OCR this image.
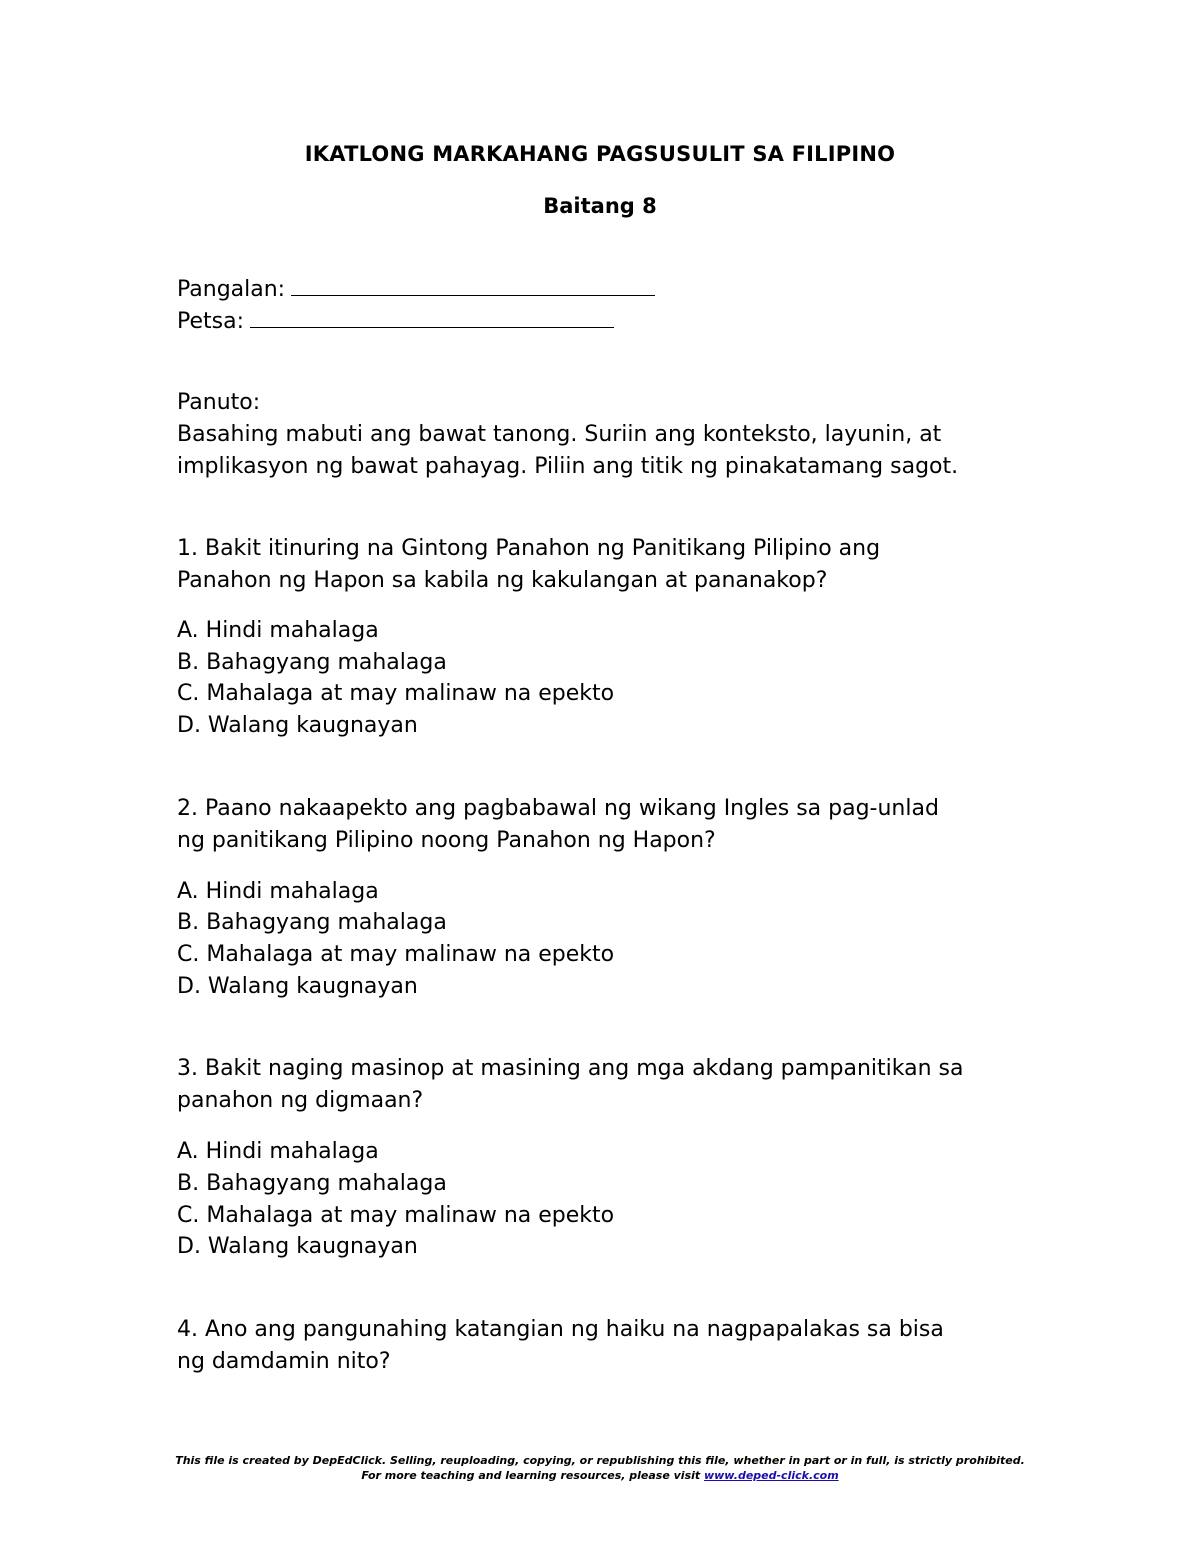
IKATLONG MARKAHANG PAGSUSULIT SA FILIPINO
Baitang 8
Pangalan:
Petsa:
Panuto:
Basahing mabuti ang bawat tanong. Suriin ang konteksto, layunin, at
implikasyon ng bawat pahayag. Piliin ang titik ng pinakatamang sagot.
1. Bakit itinuring na Gintong Panahon ng Panitikang Pilipino ang
Panahon ng Hapon sa kabila ng kakulangan at pananakop?
A. Hindi mahalaga
B. Bahagyang mahalaga
C. Mahalaga at may malinaw na epekto
D. Walang kaugnayan
2. Paano nakaapekto ang pagbabawal ng wikang Ingles sa pag-unlad
ng panitikang Pilipino noong Panahon ng Hapon?
A. Hindi mahalaga
B. Bahagyang mahalaga
C. Mahalaga at may malinaw na epekto
D. Walang kaugnayan
3. Bakit naging masinop at masining ang mga akdang pampanitikan sa
panahon ng digmaan?
A. Hindi mahalaga
B. Bahagyang mahalaga
C. Mahalaga at may malinaw na epekto
D. Walang kaugnayan
4. Ano ang pangunahing katangian ng haiku na nagpapalakas sa bisa
ng damdamin nito?
This file is created by DepEdClick. Selling, reuploading, copying, or republishing this file, whether in part or in full, is strictly prohibited.
For more teaching and learning resources, please visit www.deped-click.com
